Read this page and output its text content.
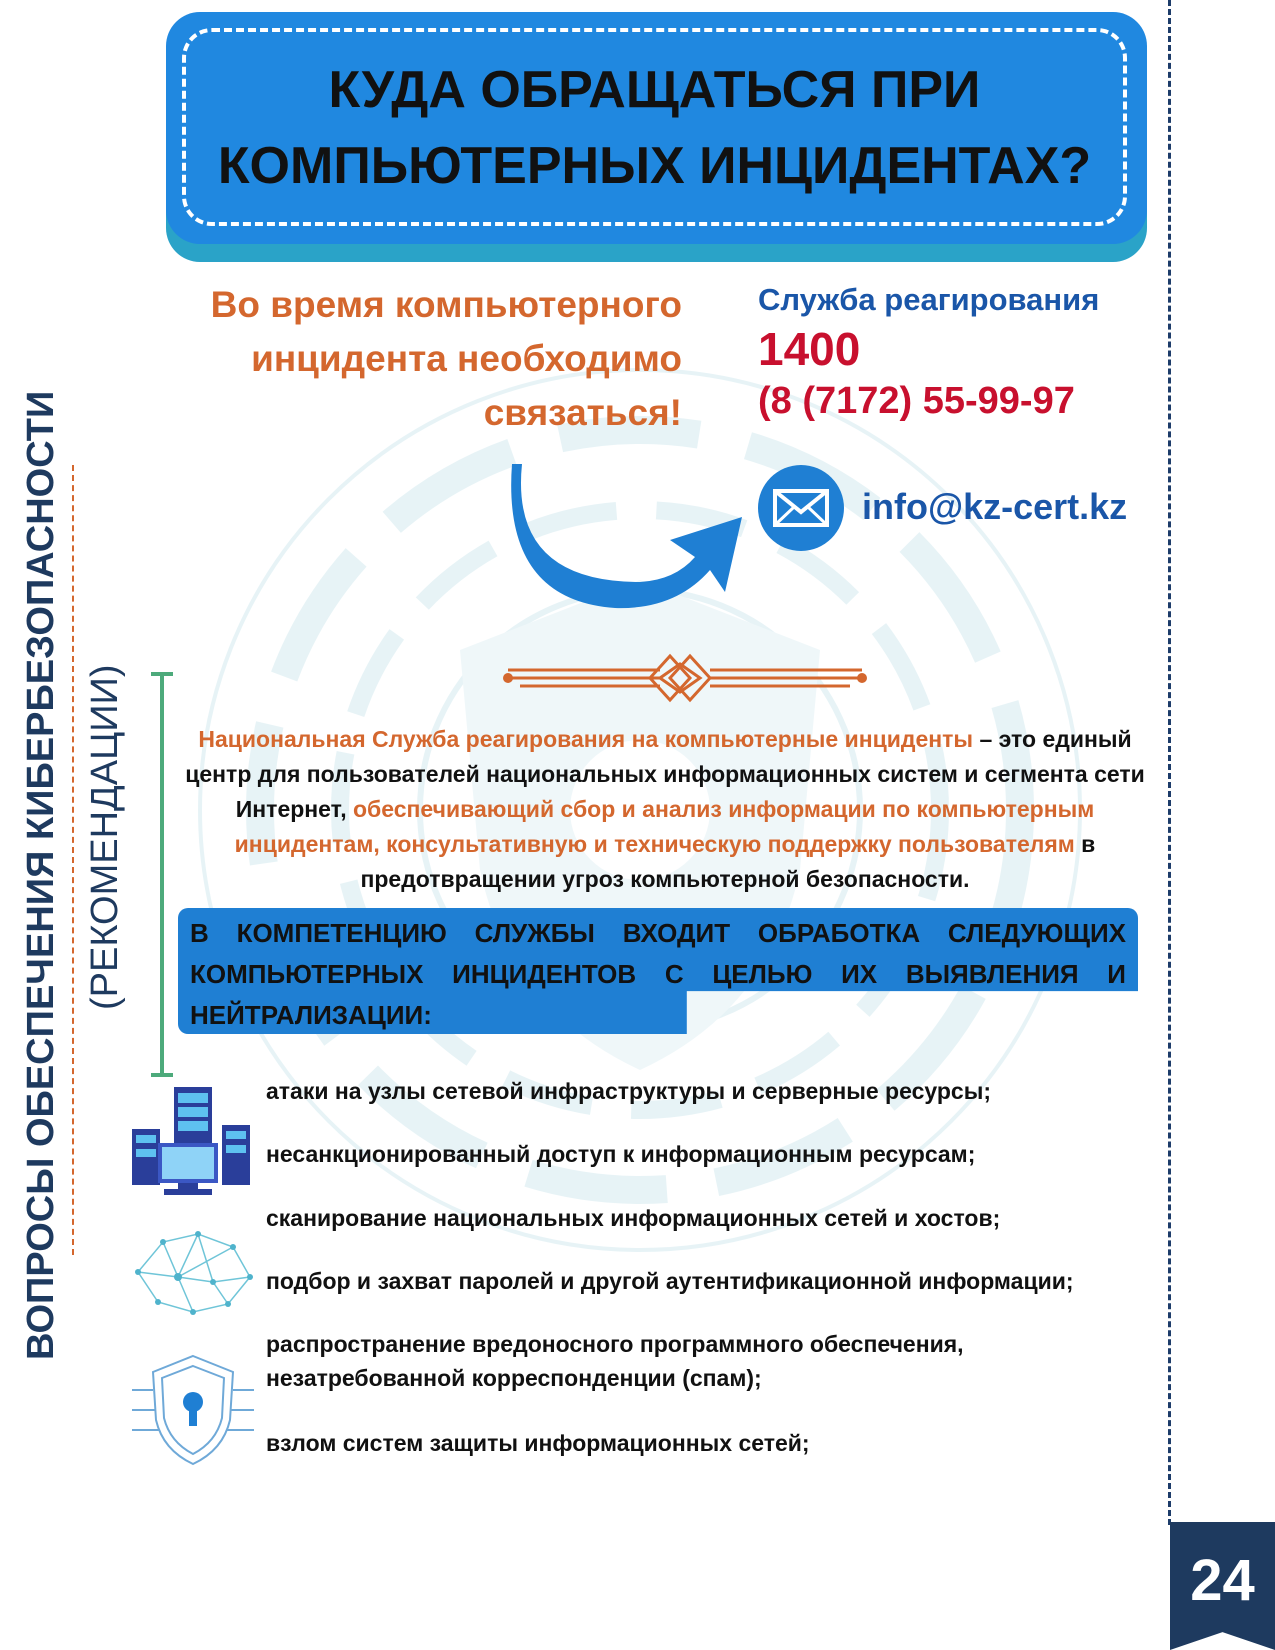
24
ВОПРОСЫ ОБЕСПЕЧЕНИЯ КИБЕРБЕЗОПАСНОСТИ (РЕКОМЕНДАЦИИ)
КУДА ОБРАЩАТЬСЯ ПРИ
КОМПЬЮТЕРНЫХ ИНЦИДЕНТАХ?
Во время компьютерного
инцидента необходимо
связаться!
Служба реагирования
1400
(8 (7172) 55-99-97
info@kz-cert.kz
Национальная Служба реагирования на компьютерные инциденты – это единый центр для пользователей национальных информационных систем и сегмента сети Интернет, обеспечивающий сбор и анализ информации по компьютерным инцидентам, консультативную и техническую поддержку пользователям в предотвращении угроз компьютерной безопасности.
В КОМПЕТЕНЦИЮ СЛУЖБЫ ВХОДИТ ОБРАБОТКА СЛЕДУЮЩИХ КОМПЬЮТЕРНЫХ ИНЦИДЕНТОВ С ЦЕЛЬЮ ИХ ВЫЯВЛЕНИЯ И НЕЙТРАЛИЗАЦИИ:
атаки на узлы сетевой инфраструктуры и серверные ресурсы;
несанкционированный доступ к информационным ресурсам;
сканирование национальных информационных сетей и хостов;
подбор и захват паролей и другой аутентификационной информации;
распространение вредоносного программного обеспечения, незатребованной корреспонденции (спам);
взлом систем защиты информационных сетей;
